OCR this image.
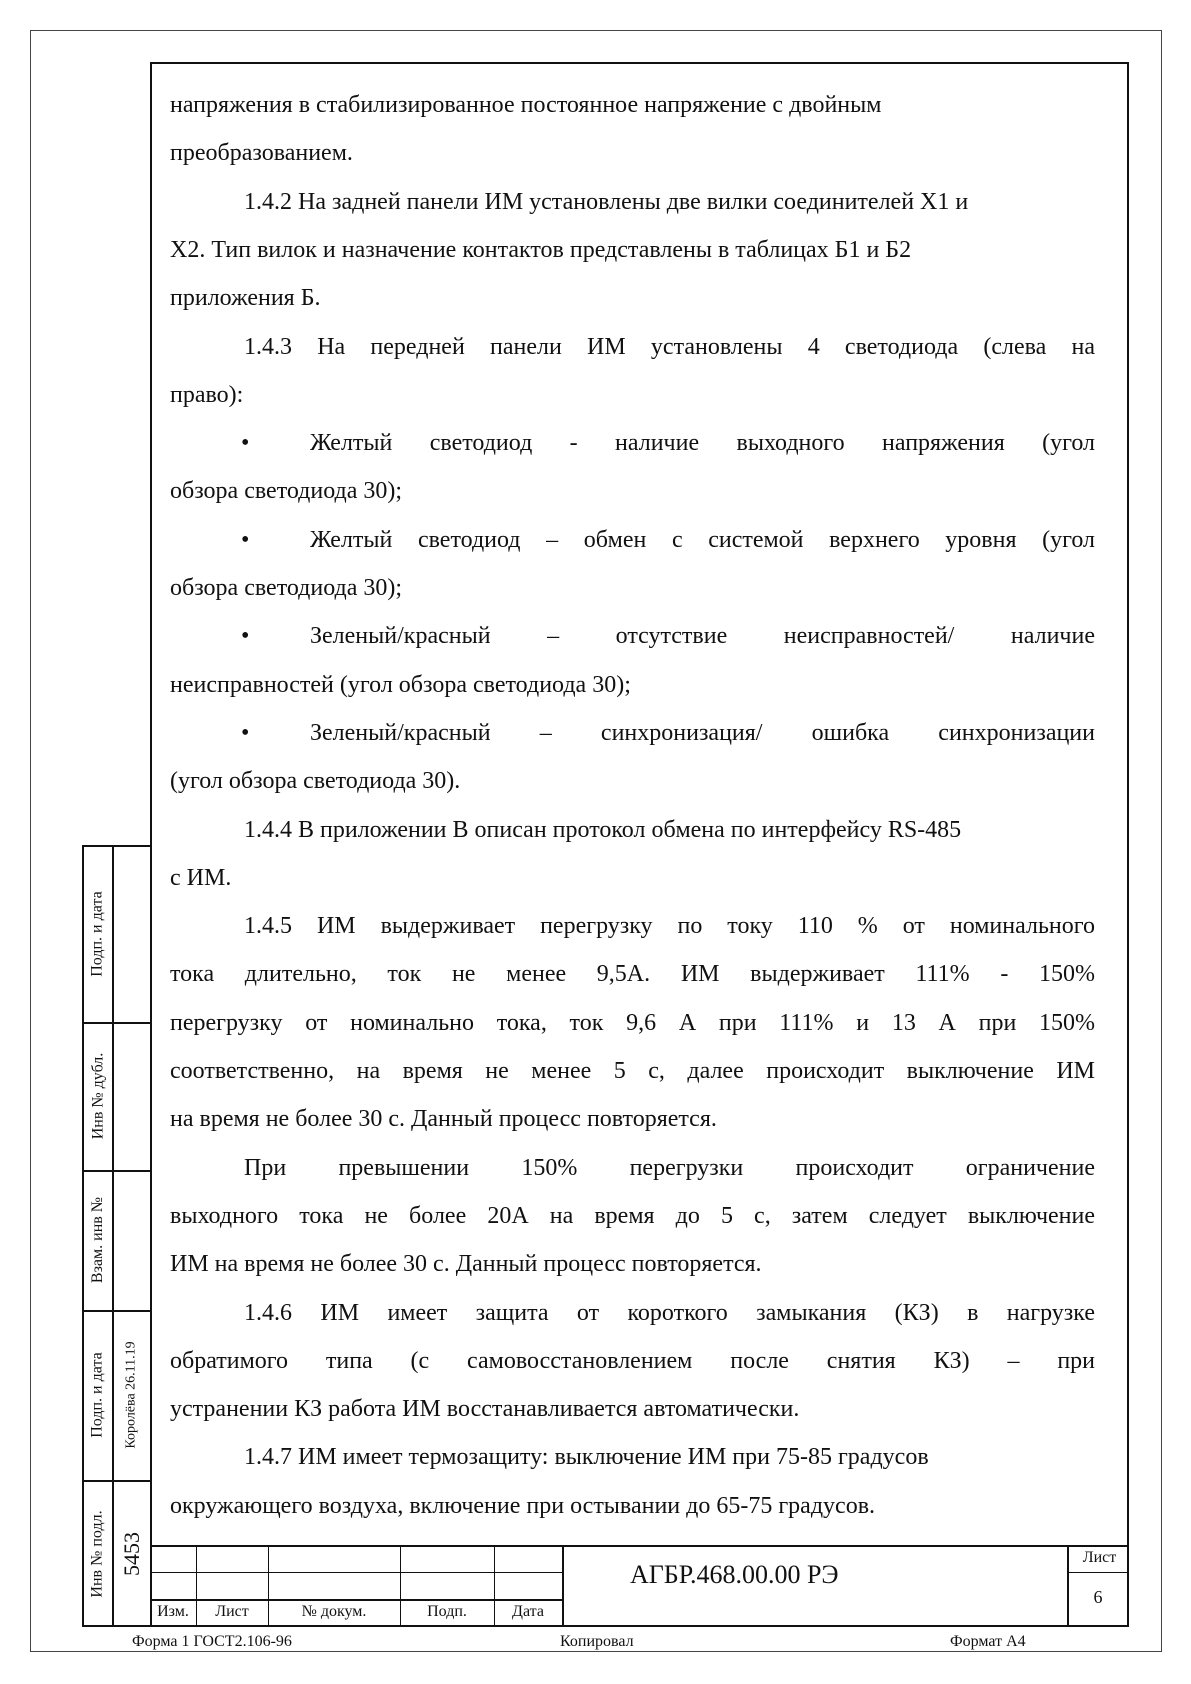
напряжения в стабилизированное постоянное напряжение с двойным
преобразованием.
1.4.2 На задней панели ИМ установлены две вилки соединителей Х1 и
Х2. Тип вилок и назначение контактов представлены в таблицах Б1 и Б2
приложения Б.
1.4.3 На передней панели ИМ установлены 4 светодиода (слева на
право):
•	Желтый светодиод - наличие выходного напряжения (угол
обзора светодиода 30);
•	Желтый светодиод – обмен с системой верхнего уровня (угол
обзора светодиода 30);
•	Зеленый/красный – отсутствие неисправностей/ наличие
неисправностей (угол обзора светодиода 30);
•	Зеленый/красный – синхронизация/ ошибка синхронизации
(угол обзора светодиода 30).
1.4.4 В приложении В описан протокол обмена по интерфейсу RS-485
с ИМ.
1.4.5 ИМ выдерживает перегрузку по току 110 % от номинального
тока длительно, ток не менее 9,5А. ИМ выдерживает 111% - 150%
перегрузку от номинально тока, ток 9,6 А при 111% и 13 А при 150%
соответственно, на время не менее 5 с, далее происходит выключение ИМ
на время не более 30 с. Данный процесс повторяется.
При превышении 150% перегрузки происходит ограничение
выходного тока не более 20А на время до 5 с, затем следует выключение
ИМ на время не более 30 с. Данный процесс повторяется.
1.4.6 ИМ имеет защита от короткого замыкания (КЗ) в нагрузке
обратимого типа (с самовосстановлением после снятия КЗ) – при
устранении КЗ работа ИМ восстанавливается автоматически.
1.4.7 ИМ имеет термозащиту: выключение ИМ при 75-85 градусов
окружающего воздуха, включение при остывании до 65-75 градусов.
Подп. и дата
Инв № дубл.
Взам. инв №
Подп. и дата
Инв № подл.
Королёва 26.11.19
5453
Изм.	Лист	№ докум.	Подп.	Дата
Лист
6
АГБР.468.00.00 РЭ
Форма 1 ГОСТ2.106-96	Копировал	Формат А4
